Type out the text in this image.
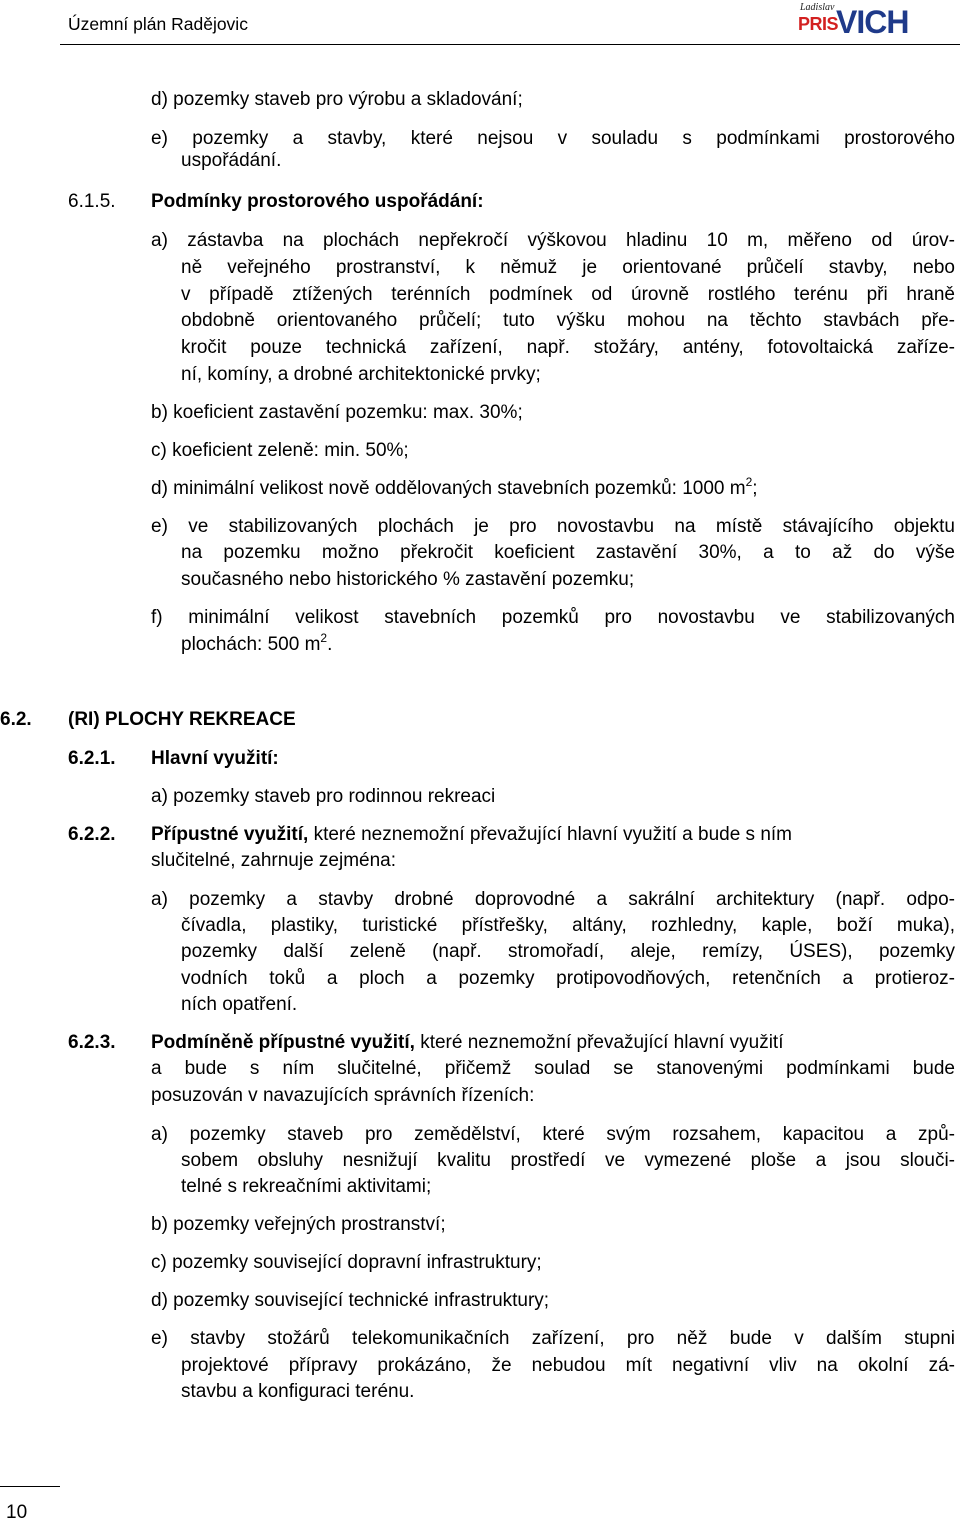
Územní plán Radějovic
Ladislav
PRIS
VICH
d) pozemky staveb pro výrobu a skladování;
e) pozemky a stavby, které nejsou v souladu s podmínkami prostorového
uspořádání.
6.1.5. Podmínky prostorového uspořádání:
a) zástavba na plochách nepřekročí výškovou hladinu 10 m, měřeno od úrov-
ně veřejného prostranství, k němuž je orientované průčelí stavby, nebo
v případě ztížených terénních podmínek od úrovně rostlého terénu při hraně
obdobně orientovaného průčelí; tuto výšku mohou na těchto stavbách pře-
kročit pouze technická zařízení, např. stožáry, antény, fotovoltaická zaříze-
ní, komíny, a drobné architektonické prvky;
b) koeficient zastavění pozemku: max. 30%;
c) koeficient zeleně: min. 50%;
d) minimální velikost nově oddělovaných stavebních pozemků: 1000 $m^2$;
e) ve stabilizovaných plochách je pro novostavbu na místě stávajícího objektu
na pozemku možno překročit koeficient zastavění 30%, a to až do výše
současného nebo historického % zastavění pozemku;
f) minimální velikost stavebních pozemků pro novostavbu ve stabilizovaných
plochách: 500 $m^2$.
6.2. (RI) PLOCHY REKREACE
6.2.1. Hlavní využití:
a) pozemky staveb pro rodinnou rekreaci
6.2.2. Přípustné využití, které neznemožní převažující hlavní využití a bude s ním
slučitelné, zahrnuje zejména:
a) pozemky a stavby drobné doprovodné a sakrální architektury (např. odpo-
čívadla, plastiky, turistické přístřešky, altány, rozhledny, kaple, boží muka),
pozemky další zeleně (např. stromořadí, aleje, remízy, ÚSES), pozemky
vodních toků a ploch a pozemky protipovodňových, retenčních a protieroz-
ních opatření.
6.2.3. Podmíněně přípustné využití, které neznemožní převažující hlavní využití
a bude s ním slučitelné, přičemž soulad se stanovenými podmínkami bude
posuzován v navazujících správních řízeních:
a) pozemky staveb pro zemědělství, které svým rozsahem, kapacitou a způ-
sobem obsluhy nesnižují kvalitu prostředí ve vymezené ploše a jsou slouči-
telné s rekreačními aktivitami;
b) pozemky veřejných prostranství;
c) pozemky související dopravní infrastruktury;
d) pozemky související technické infrastruktury;
e) stavby stožárů telekomunikačních zařízení, pro něž bude v dalším stupni
projektové přípravy prokázáno, že nebudou mít negativní vliv na okolní zá-
stavbu a konfiguraci terénu.
10
